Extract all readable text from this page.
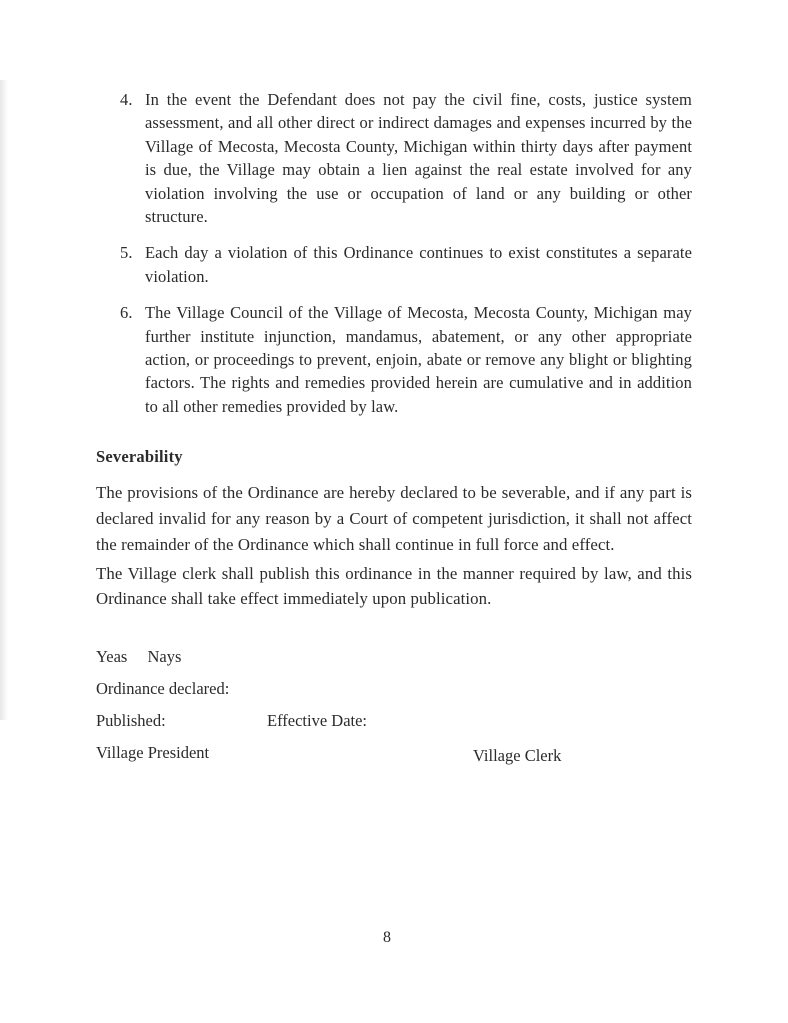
4. In the event the Defendant does not pay the civil fine, costs, justice system assessment, and all other direct or indirect damages and expenses incurred by the Village of Mecosta, Mecosta County, Michigan within thirty days after payment is due, the Village may obtain a lien against the real estate involved for any violation involving the use or occupation of land or any building or other structure.
5. Each day a violation of this Ordinance continues to exist constitutes a separate violation.
6. The Village Council of the Village of Mecosta, Mecosta County, Michigan may further institute injunction, mandamus, abatement, or any other appropriate action, or proceedings to prevent, enjoin, abate or remove any blight or blighting factors. The rights and remedies provided herein are cumulative and in addition to all other remedies provided by law.
Severability

The provisions of the Ordinance are hereby declared to be severable, and if any part is declared invalid for any reason by a Court of competent jurisdiction, it shall not affect the remainder of the Ordinance which shall continue in full force and effect.

The Village clerk shall publish this ordinance in the manner required by law, and this Ordinance shall take effect immediately upon publication.

Yeas Nays
Ordinance declared:
Published:	Effective Date:
Village President	Village Clerk
8
